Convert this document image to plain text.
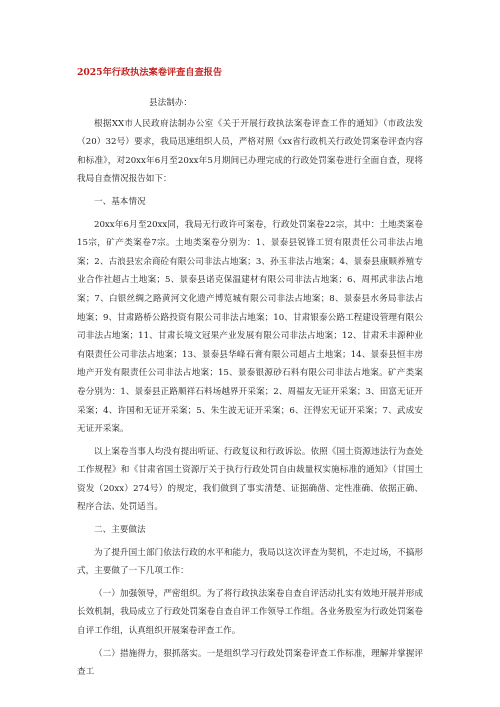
2025年行政执法案卷评查自查报告

县法制办：

根据XX市人民政府法制办公室《关于开展行政执法案卷评查工作的通知》（市政法发（20）32号）要求，我局迅速组织人员，严格对照《xx省行政机关行政处罚案卷评查内容和标准》，对20xx年6月至20xx年5月期间已办理完成的行政处罚案卷进行全面自查，现将我局自查情况报告如下：

一、基本情况

20xx年6月至20xx同，我局无行政许可案卷，行政处罚案卷22宗，其中：土地类案卷15宗，矿产类案卷7宗。土地类案卷分别为：1、景泰县锐锋工贸有限责任公司非法占地案；2、古浪县宏余商砼有限公司非法占地案；3、孙玉非法占地案；4、景泰县康顺养殖专业合作社超占土地案；5、景泰县诺克保温建材有限公司非法占地案；6、周邦武非法占地案；7、白银丝绸之路黄河文化遗产博览城有限公司非法占地案；8、景泰县水务局非法占地案；9、甘肃路桥公路投资有限公司非法占地案；10、甘肃银泰公路工程建设管理有限公司非法占地案；11、甘肃长境文冠果产业发展有限公司非法占地案；12、甘肃禾丰源种业有限责任公司非法占地案；13、景泰县华峰石膏有限公司超占土地案；14、景泰县恒丰房地产开发有限责任公司非法占地案；15、景泰银源砂石料有限公司非法占地案。矿产类案卷分别为：1、景泰县正路顺祥石料场越界开采案；2、周福友无证开采案；3、田富无证开采案；4、许国和无证开采案；5、朱生波无证开采案；6、汪得宏无证开采案；7、武成安无证开采案。

以上案卷当事人均没有提出听证、行政复议和行政诉讼。依照《国土资源违法行为查处工作规程》和《甘肃省国土资源厅关于执行行政处罚自由裁量权实施标准的通知》（甘国土资发（20xx）274号）的规定，我们做到了事实清楚、证据确凿、定性准确、依据正确、程序合法、处罚适当。

二、主要做法

为了提升国土部门依法行政的水平和能力，我局以这次评查为契机，不走过场，不搞形式，主要做了一下几项工作：

（一）加强领导，严密组织。为了将行政执法案卷自查自评活动扎实有效地开展并形成长效机制，我局成立了行政处罚案卷自查自评工作领导工作组。各业务股室为行政处罚案卷自评工作组，认真组织开展案卷评查工作。

（二）措施得力，狠抓落实。一是组织学习行政处罚案卷评查工作标准，理解并掌握评查工
